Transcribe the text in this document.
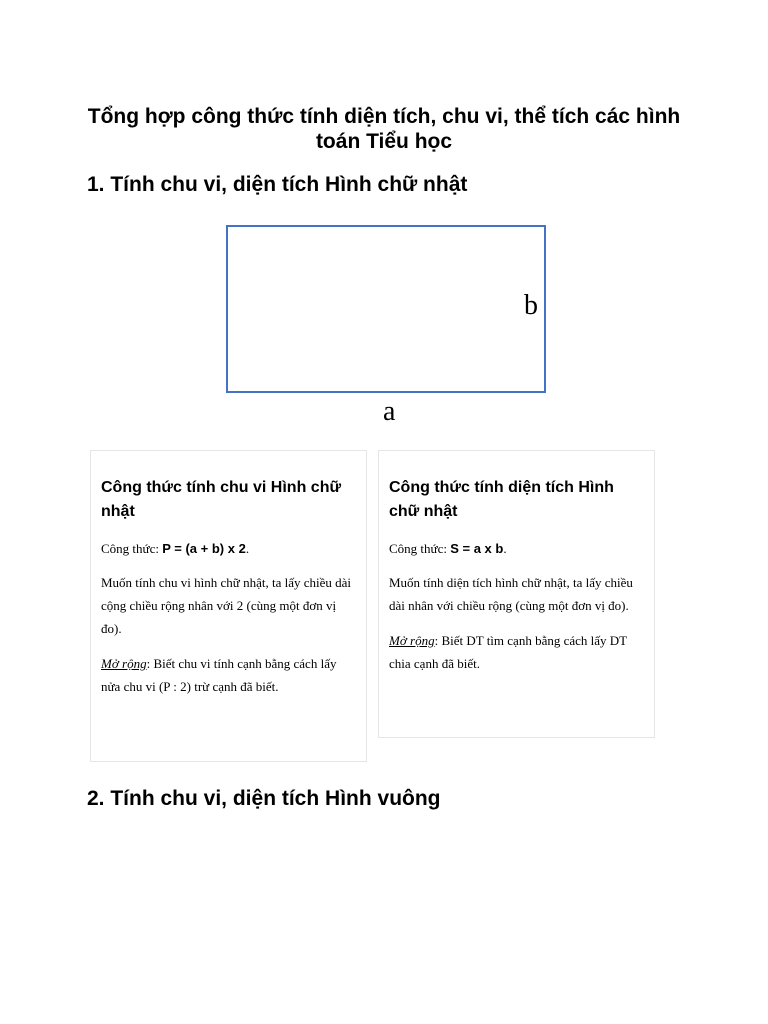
Tổng hợp công thức tính diện tích, chu vi, thể tích các hình toán Tiểu học
1. Tính chu vi, diện tích Hình chữ nhật
b
a
Công thức tính chu vi Hình chữ nhật
Công thức: P = (a + b) x 2.
Muốn tính chu vi hình chữ nhật, ta lấy chiều dài cộng chiều rộng nhân với 2 (cùng một đơn vị đo).
Mở rộng: Biết chu vi tính cạnh bằng cách lấy nửa chu vi (P : 2) trừ cạnh đã biết.
Công thức tính diện tích Hình chữ nhật
Công thức: S = a x b.
Muốn tính diện tích hình chữ nhật, ta lấy chiều dài nhân với chiều rộng (cùng một đơn vị đo).
Mở rộng: Biết DT tìm cạnh bằng cách lấy DT chia cạnh đã biết.
2. Tính chu vi, diện tích Hình vuông
